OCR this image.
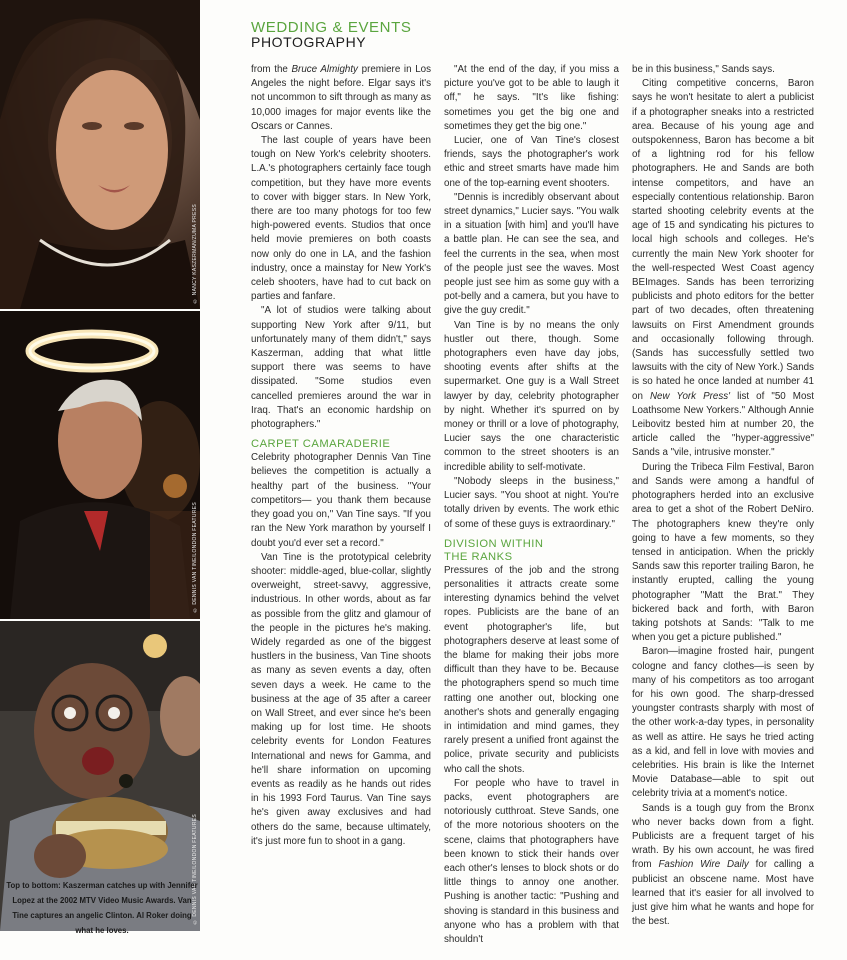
© NANCY KASZERMAN/ZUMA PRESS
© DENNIS VAN TINE/LONDON FEATURES
© DENNIS VAN TINE/LONDON FEATURES
Top to bottom: Kaszerman catches up with Jennifer Lopez at the 2002 MTV Video Music Awards. Van Tine captures an angelic Clinton. Al Roker doing what he loves.
WEDDING & EVENTS
PHOTOGRAPHY

from the Bruce Almighty premiere in Los Angeles the night before. Elgar says it's not uncommon to sift through as many as 10,000 images for major events like the Oscars or Cannes.

The last couple of years have been tough on New York's celebrity shooters. L.A.'s photographers certainly face tough competition, but they have more events to cover with bigger stars. In New York, there are too many photogs for too few high-powered events. Studios that once held movie premieres on both coasts now only do one in LA, and the fashion industry, once a mainstay for New York's celeb shooters, have had to cut back on parties and fanfare.

"A lot of studios were talking about supporting New York after 9/11, but unfortunately many of them didn't," says Kaszerman, adding that what little support there was seems to have dissipated. "Some studios even cancelled premieres around the war in Iraq. That's an economic hardship on photographers."

CARPET CAMARADERIE

Celebrity photographer Dennis Van Tine believes the competition is actually a healthy part of the business. "Your competitors— you thank them because they goad you on," Van Tine says. "If you ran the New York marathon by yourself I doubt you'd ever set a record."

Van Tine is the prototypical celebrity shooter: middle-aged, blue-collar, slightly overweight, street-savvy, aggressive, industrious. In other words, about as far as possible from the glitz and glamour of the people in the pictures he's making. Widely regarded as one of the biggest hustlers in the business, Van Tine shoots as many as seven events a day, often seven days a week. He came to the business at the age of 35 after a career on Wall Street, and ever since he's been making up for lost time. He shoots celebrity events for London Features International and news for Gamma, and he'll share information on upcoming events as readily as he hands out rides in his 1993 Ford Taurus. Van Tine says he's given away exclusives and had others do the same, because ultimately, it's just more fun to shoot in a gang.

"At the end of the day, if you miss a picture you've got to be able to laugh it off," he says. "It's like fishing: sometimes you get the big one and sometimes they get the big one."

Lucier, one of Van Tine's closest friends, says the photographer's work ethic and street smarts have made him one of the top-earning event shooters.

"Dennis is incredibly observant about street dynamics," Lucier says. "You walk in a situation [with him] and you'll have a battle plan. He can see the sea, and feel the currents in the sea, when most of the people just see the waves. Most people just see him as some guy with a pot-belly and a camera, but you have to give the guy credit."

Van Tine is by no means the only hustler out there, though. Some photographers even have day jobs, shooting events after shifts at the supermarket. One guy is a Wall Street lawyer by day, celebrity photographer by night. Whether it's spurred on by money or thrill or a love of photography, Lucier says the one characteristic common to the street shooters is an incredible ability to self-motivate.

"Nobody sleeps in the business," Lucier says. "You shoot at night. You're totally driven by events. The work ethic of some of these guys is extraordinary."

DIVISION WITHIN THE RANKS

Pressures of the job and the strong personalities it attracts create some interesting dynamics behind the velvet ropes. Publicists are the bane of an event photographer's life, but photographers deserve at least some of the blame for making their jobs more difficult than they have to be. Because the photographers spend so much time ratting one another out, blocking one another's shots and generally engaging in intimidation and mind games, they rarely present a unified front against the police, private security and publicists who call the shots.

For people who have to travel in packs, event photographers are notoriously cutthroat. Steve Sands, one of the more notorious shooters on the scene, claims that photographers have been known to stick their hands over each other's lenses to block shots or do little things to annoy one another. Pushing is another tactic: "Pushing and shoving is standard in this business and anyone who has a problem with that shouldn't

be in this business," Sands says.

Citing competitive concerns, Baron says he won't hesitate to alert a publicist if a photographer sneaks into a restricted area. Because of his young age and outspokenness, Baron has become a bit of a lightning rod for his fellow photographers. He and Sands are both intense competitors, and have an especially contentious relationship. Baron started shooting celebrity events at the age of 15 and syndicating his pictures to local high schools and colleges. He's currently the main New York shooter for the well-respected West Coast agency BEImages. Sands has been terrorizing publicists and photo editors for the better part of two decades, often threatening lawsuits on First Amendment grounds and occasionally following through. (Sands has successfully settled two lawsuits with the city of New York.) Sands is so hated he once landed at number 41 on New York Press' list of "50 Most Loathsome New Yorkers." Although Annie Leibovitz bested him at number 20, the article called the "hyper-aggressive" Sands a "vile, intrusive monster."

During the Tribeca Film Festival, Baron and Sands were among a handful of photographers herded into an exclusive area to get a shot of the Robert DeNiro. The photographers knew they're only going to have a few moments, so they tensed in anticipation. When the prickly Sands saw this reporter trailing Baron, he instantly erupted, calling the young photographer "Matt the Brat." They bickered back and forth, with Baron taking potshots at Sands: "Talk to me when you get a picture published."

Baron—imagine frosted hair, pungent cologne and fancy clothes—is seen by many of his competitors as too arrogant for his own good. The sharp-dressed youngster contrasts sharply with most of the other work-a-day types, in personality as well as attire. He says he tried acting as a kid, and fell in love with movies and celebrities. His brain is like the Internet Movie Database—able to spit out celebrity trivia at a moment's notice.

Sands is a tough guy from the Bronx who never backs down from a fight. Publicists are a frequent target of his wrath. By his own account, he was fired from Fashion Wire Daily for calling a publicist an obscene name. Most have learned that it's easier for all involved to just give him what he wants and hope for the best.
